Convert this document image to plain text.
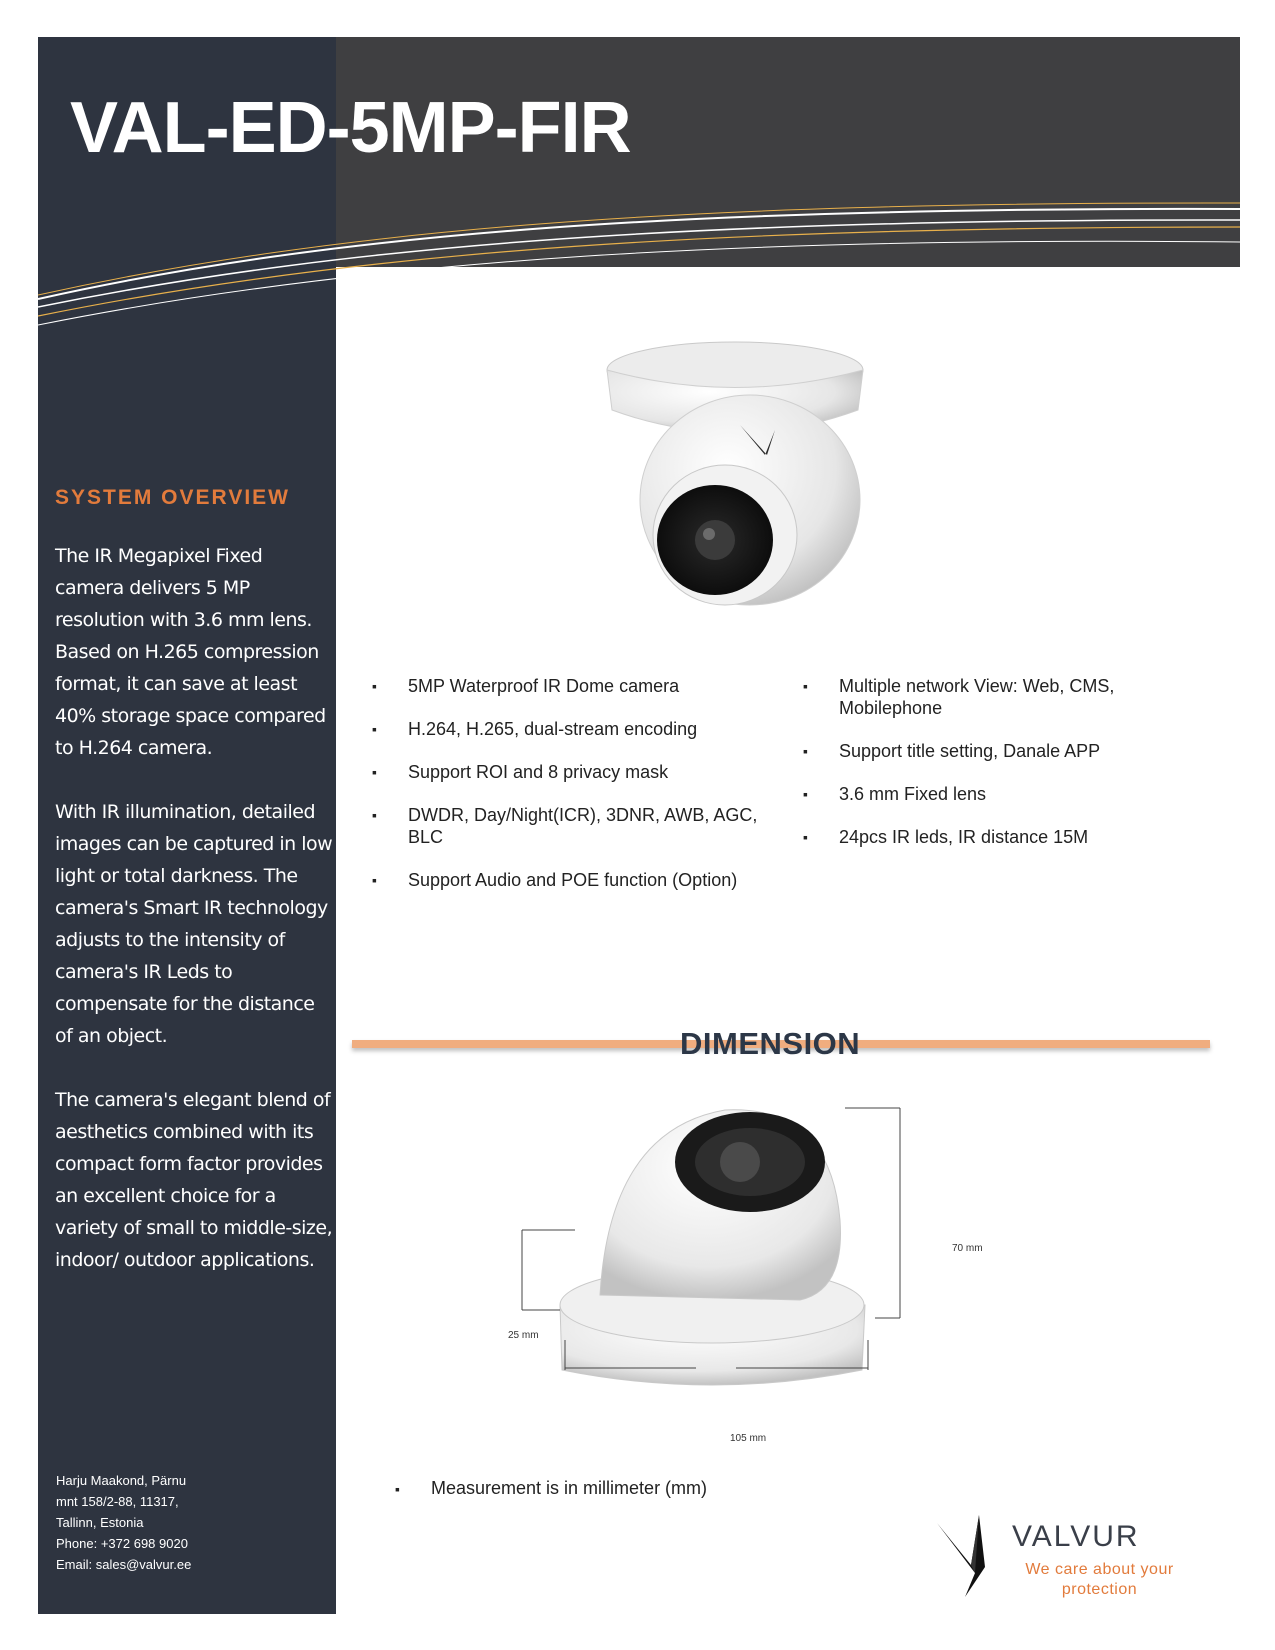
VAL-ED-5MP-FIR
SYSTEM OVERVIEW

The IR Megapixel Fixed camera delivers 5 MP resolution with 3.6 mm lens. Based on H.265 compression format, it can save at least 40% storage space compared to H.264 camera.

With IR illumination, detailed images can be captured in low light or total darkness. The camera's Smart IR technology adjusts to the intensity of camera's IR Leds to compensate for the distance of an object.

The camera's elegant blend of aesthetics combined with its compact form factor provides an excellent choice for a variety of small to middle-size, indoor/ outdoor applications.

Harju Maakond, Pärnu
mnt 158/2-88, 11317,
Tallinn, Estonia
Phone: +372 698 9020
Email: sales@valvur.ee
▪ 5MP Waterproof IR Dome camera
▪ H.264, H.265, dual-stream encoding
▪ Support ROI and 8 privacy mask
▪ DWDR, Day/Night(ICR), 3DNR, AWB, AGC, BLC
▪ Support Audio and POE function (Option)
▪ Multiple network View: Web, CMS, Mobilephone
▪ Support title setting, Danale APP
▪ 3.6 mm Fixed lens
▪ 24pcs IR leds, IR distance 15M
DIMENSION
70 mm
25 mm
105 mm
▪ Measurement is in millimeter (mm)

VALVUR

We care about your protection
